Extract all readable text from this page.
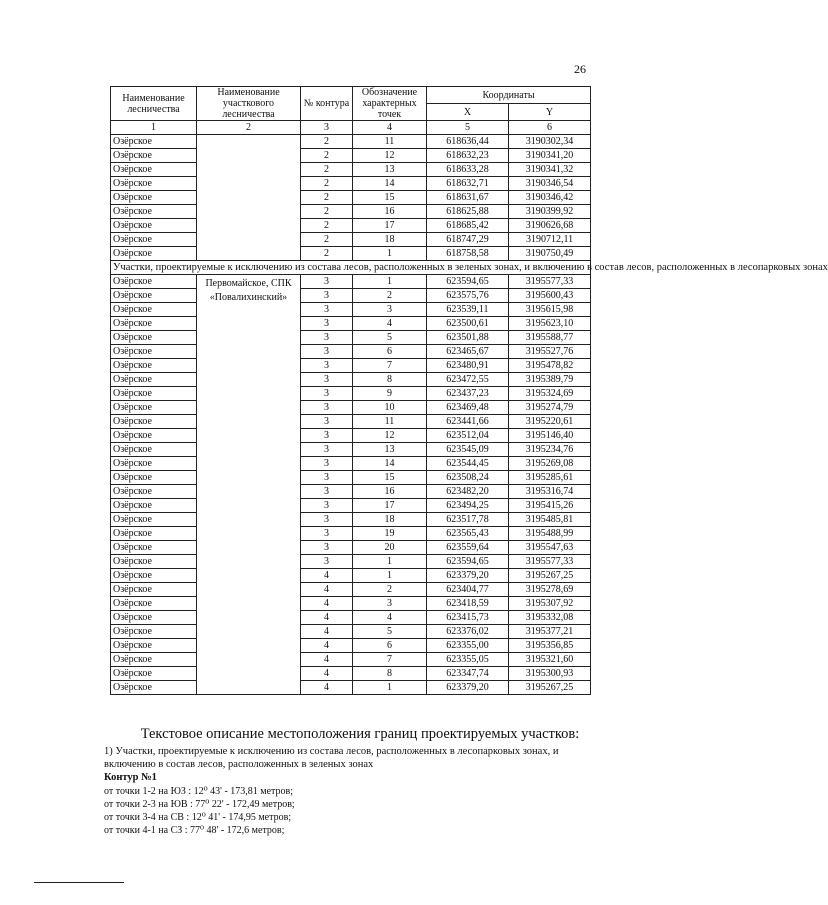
26
Наименование лесничества	Наименование участкового лесничества	№ контура	Обозначение характерных точек	Координаты	
				X	Y
1	2	3	4	5	6
Озёрское		2	11	618636,44	3190302,34
Озёрское		2	12	618632,23	3190341,20
Озёрское		2	13	618633,28	3190341,32
Озёрское		2	14	618632,71	3190346,54
Озёрское		2	15	618631,67	3190346,42
Озёрское		2	16	618625,88	3190399,92
Озёрское		2	17	618685,42	3190626,68
Озёрское		2	18	618747,29	3190712,11
Озёрское		2	1	618758,58	3190750,49
Участки, проектируемые к исключению из состава лесов, расположенных в зеленых зонах, и включению в состав лесов, расположенных в лесопарковых зонах					
Озёрское	Первомайское, СПК «Повалихинский»	3	1	623594,65	3195577,33
Озёрское		3	2	623575,76	3195600,43
Озёрское		3	3	623539,11	3195615,98
Озёрское		3	4	623500,61	3195623,10
Озёрское		3	5	623501,88	3195588,77
Озёрское		3	6	623465,67	3195527,76
Озёрское		3	7	623480,91	3195478,82
Озёрское		3	8	623472,55	3195389,79
Озёрское		3	9	623437,23	3195324,69
Озёрское		3	10	623469,48	3195274,79
Озёрское		3	11	623441,66	3195220,61
Озёрское		3	12	623512,04	3195146,40
Озёрское		3	13	623545,09	3195234,76
Озёрское		3	14	623544,45	3195269,08
Озёрское		3	15	623508,24	3195285,61
Озёрское		3	16	623482,20	3195316,74
Озёрское		3	17	623494,25	3195415,26
Озёрское		3	18	623517,78	3195485,81
Озёрское		3	19	623565,43	3195488,99
Озёрское		3	20	623559,64	3195547,63
Озёрское		3	1	623594,65	3195577,33
Озёрское		4	1	623379,20	3195267,25
Озёрское		4	2	623404,77	3195278,69
Озёрское		4	3	623418,59	3195307,92
Озёрское		4	4	623415,73	3195332,08
Озёрское		4	5	623376,02	3195377,21
Озёрское		4	6	623355,00	3195356,85
Озёрское		4	7	623355,05	3195321,60
Озёрское		4	8	623347,74	3195300,93
Озёрское		4	1	623379,20	3195267,25
Текстовое описание местоположения границ проектируемых участков:
1) Участки, проектируемые к исключению из состава лесов, расположенных в лесопарковых зонах, и включению в состав лесов, расположенных в зеленых зонах
Контур №1
от точки 1-2 на ЮЗ : 12⁰ 43' - 173,81 метров;
от точки 2-3 на ЮВ : 77⁰ 22' - 172,49 метров;
от точки 3-4 на СВ : 12⁰ 41' - 174,95 метров;
от точки 4-1 на СЗ : 77⁰ 48' - 172,6 метров;
